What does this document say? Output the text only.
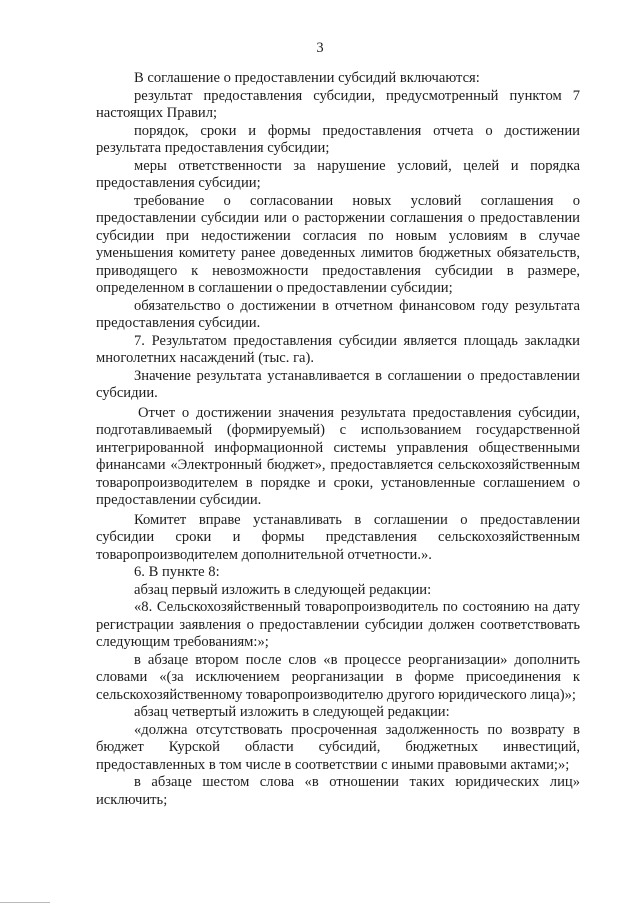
3

В соглашение о предоставлении субсидий включаются:

результат предоставления субсидии, предусмотренный пунктом 7 настоящих Правил;

порядок, сроки и формы предоставления отчета о достижении результата предоставления субсидии;

меры ответственности за нарушение условий, целей и порядка предоставления субсидии;

требование о согласовании новых условий соглашения о предоставлении субсидии или о расторжении соглашения о предоставлении субсидии при недостижении согласия по новым условиям в случае уменьшения комитету ранее доведенных лимитов бюджетных обязательств, приводящего к невозможности предоставления субсидии в размере, определенном в соглашении о предоставлении субсидии;

обязательство о достижении в отчетном финансовом году результата предоставления субсидии.

7. Результатом предоставления субсидии является площадь закладки многолетних насаждений (тыс. га).

Значение результата устанавливается в соглашении о предоставлении субсидии.

Отчет о достижении значения результата предоставления субсидии, подготавливаемый (формируемый) с использованием государственной интегрированной информационной системы управления общественными финансами «Электронный бюджет», предоставляется сельскохозяйственным товаропроизводителем в порядке и сроки, установленные соглашением о предоставлении субсидии.

Комитет вправе устанавливать в соглашении о предоставлении субсидии сроки и формы представления сельскохозяйственным товаропроизводителем дополнительной отчетности.».

6. В пункте 8:

абзац первый изложить в следующей редакции:

«8. Сельскохозяйственный товаропроизводитель по состоянию на дату регистрации заявления о предоставлении субсидии должен соответствовать следующим требованиям:»;

в абзаце втором после слов «в процессе реорганизации» дополнить словами «(за исключением реорганизации в форме присоединения к сельскохозяйственному товаропроизводителю другого юридического лица)»;

абзац четвертый изложить в следующей редакции:

«должна отсутствовать просроченная задолженность по возврату в бюджет Курской области субсидий, бюджетных инвестиций, предоставленных в том числе в соответствии с иными правовыми актами;»;

в абзаце шестом слова «в отношении таких юридических лиц» исключить;
